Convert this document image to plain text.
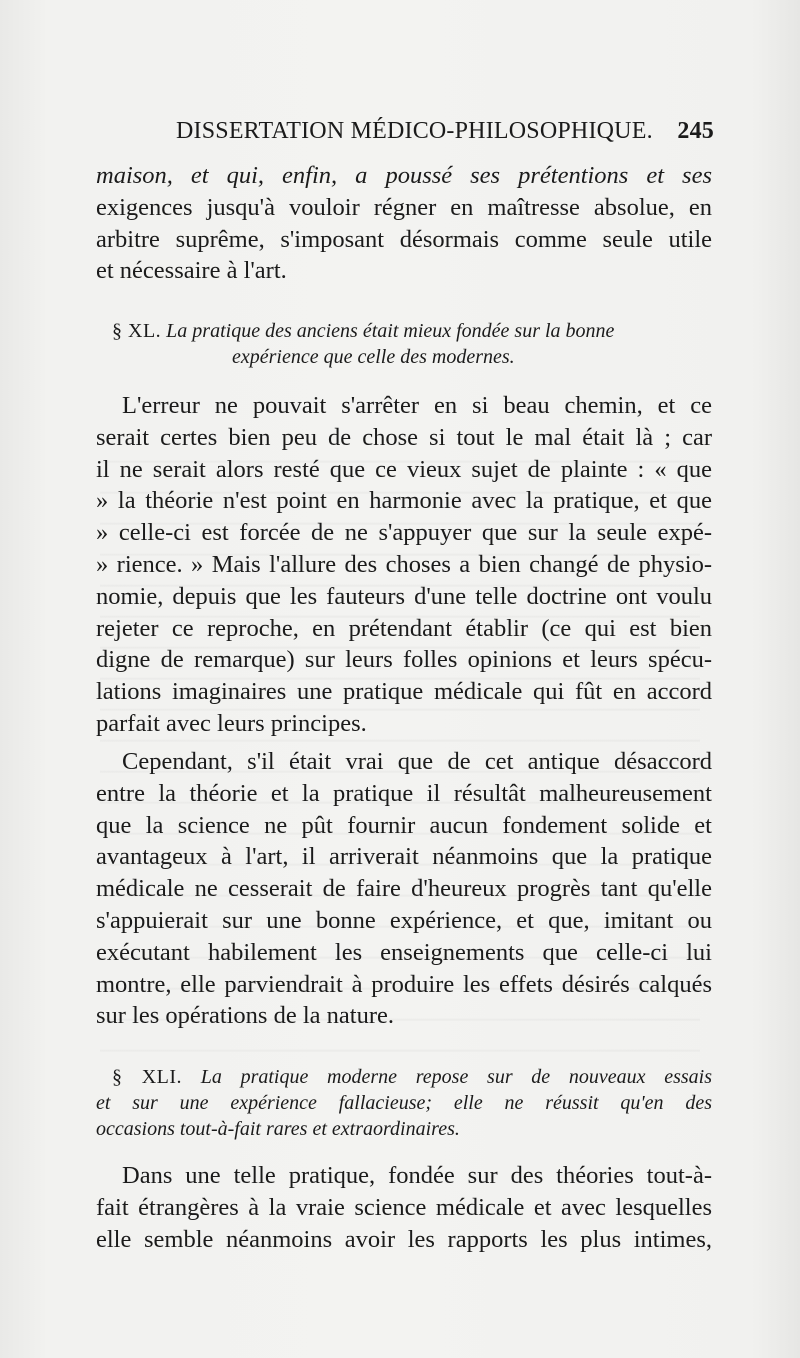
DISSERTATION MÉDICO-PHILOSOPHIQUE. 245
maison, et qui, enfin, a poussé ses prétentions et ses
exigences jusqu'à vouloir régner en maîtresse absolue, en
arbitre suprême, s'imposant désormais comme seule utile
et nécessaire à l'art.
§ XL. La pratique des anciens était mieux fondée sur la bonne
expérience que celle des modernes.
L'erreur ne pouvait s'arrêter en si beau chemin, et ce
serait certes bien peu de chose si tout le mal était là ; car
il ne serait alors resté que ce vieux sujet de plainte : « que
» la théorie n'est point en harmonie avec la pratique, et que
» celle-ci est forcée de ne s'appuyer que sur la seule expé-
» rience. » Mais l'allure des choses a bien changé de physio-
nomie, depuis que les fauteurs d'une telle doctrine ont voulu
rejeter ce reproche, en prétendant établir (ce qui est bien
digne de remarque) sur leurs folles opinions et leurs spécu-
lations imaginaires une pratique médicale qui fût en accord
parfait avec leurs principes.
Cependant, s'il était vrai que de cet antique désaccord
entre la théorie et la pratique il résultât malheureusement
que la science ne pût fournir aucun fondement solide et
avantageux à l'art, il arriverait néanmoins que la pratique
médicale ne cesserait de faire d'heureux progrès tant qu'elle
s'appuierait sur une bonne expérience, et que, imitant ou
exécutant habilement les enseignements que celle-ci lui
montre, elle parviendrait à produire les effets désirés calqués
sur les opérations de la nature.
§ XLI. La pratique moderne repose sur de nouveaux essais
et sur une expérience fallacieuse; elle ne réussit qu'en des
occasions tout-à-fait rares et extraordinaires.
Dans une telle pratique, fondée sur des théories tout-à-
fait étrangères à la vraie science médicale et avec lesquelles
elle semble néanmoins avoir les rapports les plus intimes,
